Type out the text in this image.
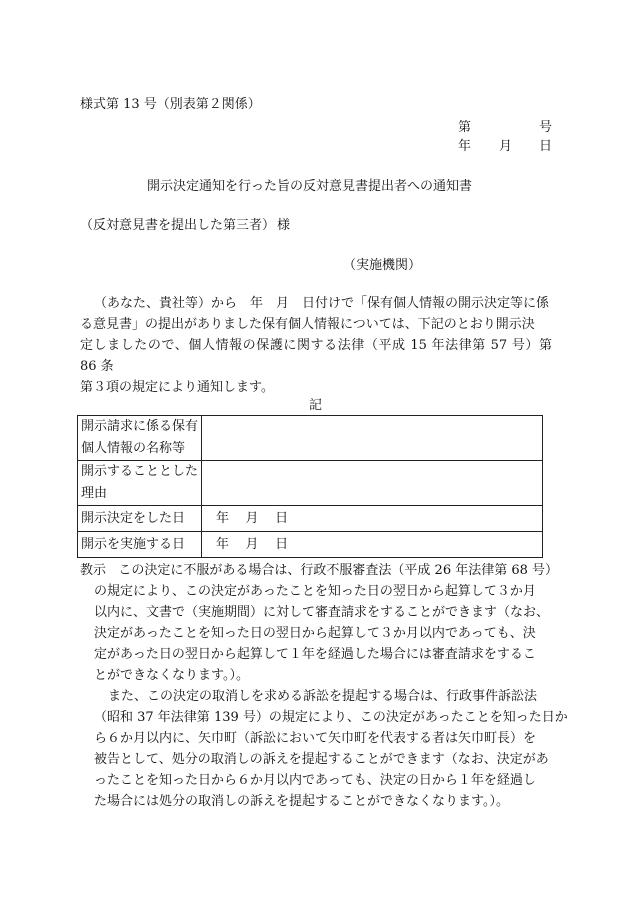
様式第 13 号（別表第２関係）
第	号
年 月 日
開示決定通知を行った旨の反対意見書提出者への通知書
（反対意見書を提出した第三者） 様
（実施機関）
（あなた、貴社等）から　年　月　日付けで「保有個人情報の開示決定等に係
る意見書」の提出がありました保有個人情報については、下記のとおり開示決
定しましたので、個人情報の保護に関する法律（平成 15 年法律第 57 号）第 86 条
第３項の規定により通知します。
記
開示請求に係る保有
個人情報の名称等	

開示することとした
理由	

開示決定をした日	年 月 日

開示を実施する日	年 月 日
教示 この決定に不服がある場合は、行政不服審査法（平成 26 年法律第 68 号）
の規定により、この決定があったことを知った日の翌日から起算して３か月
以内に、文書で（実施期間）に対して審査請求をすることができます（なお、
決定があったことを知った日の翌日から起算して３か月以内であっても、決
定があった日の翌日から起算して１年を経過した場合には審査請求をするこ
とができなくなります。）。
また、この決定の取消しを求める訴訟を提起する場合は、行政事件訴訟法
（昭和 37 年法律第 139 号）の規定により、この決定があったことを知った日か
ら６か月以内に、矢巾町（訴訟において矢巾町を代表する者は矢巾町長）を
被告として、処分の取消しの訴えを提起することができます（なお、決定があ
ったことを知った日から６か月以内であっても、決定の日から１年を経過し
た場合には処分の取消しの訴えを提起することができなくなります。）。
